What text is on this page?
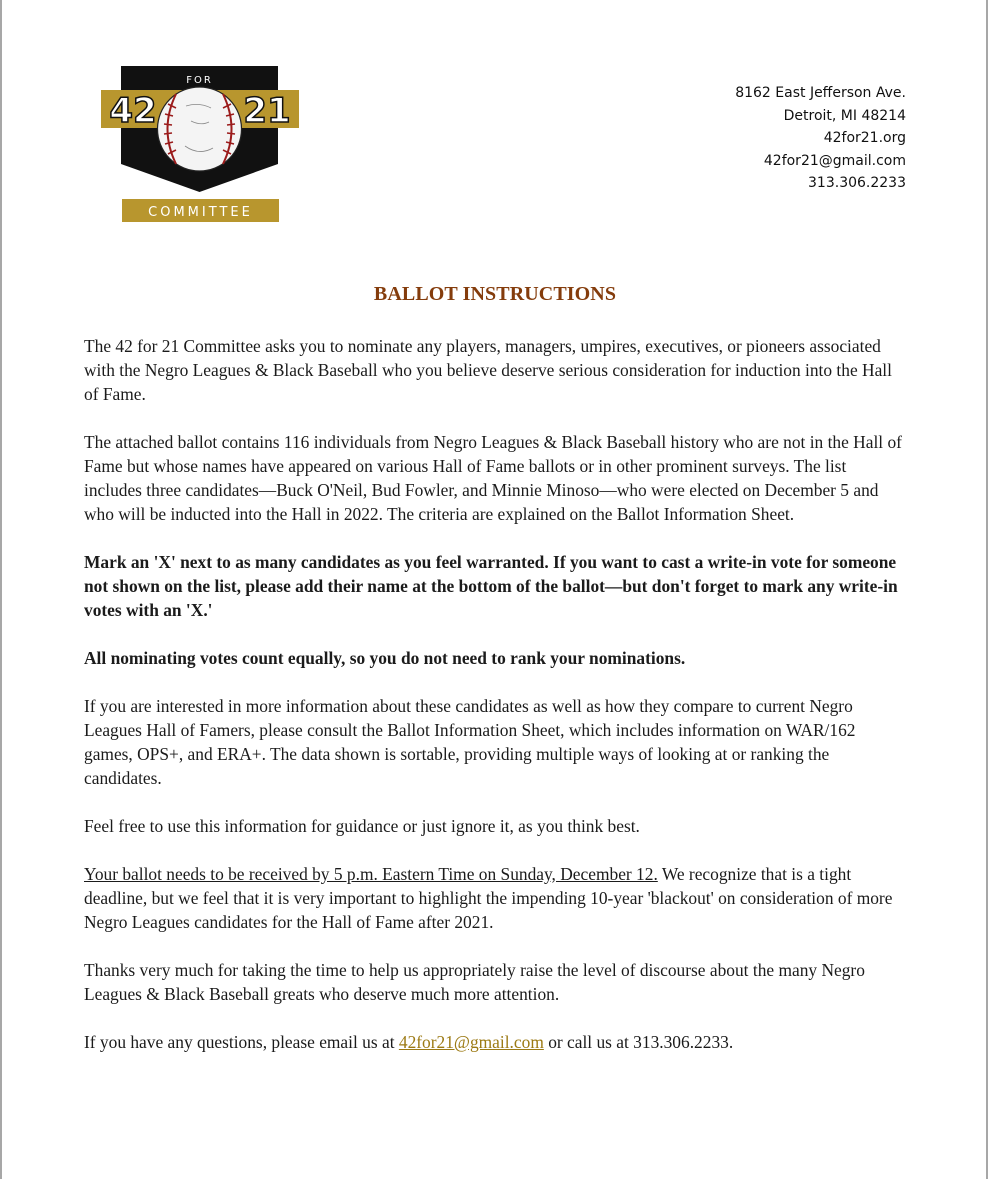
42	21
FOR
COMMITTEE
8162 East Jefferson Ave.
Detroit, MI 48214
42for21.org
42for21@gmail.com
313.306.2233
BALLOT INSTRUCTIONS

The 42 for 21 Committee asks you to nominate any players, managers, umpires, executives, or pioneers associated with the Negro Leagues & Black Baseball who you believe deserve serious consideration for induction into the Hall of Fame.

The attached ballot contains 116 individuals from Negro Leagues & Black Baseball history who are not in the Hall of Fame but whose names have appeared on various Hall of Fame ballots or in other prominent surveys. The list includes three candidates—Buck O'Neil, Bud Fowler, and Minnie Minoso—who were elected on December 5 and who will be inducted into the Hall in 2022. The criteria are explained on the Ballot Information Sheet.

Mark an 'X' next to as many candidates as you feel warranted. If you want to cast a write-in vote for someone not shown on the list, please add their name at the bottom of the ballot—but don't forget to mark any write-in votes with an 'X.'

All nominating votes count equally, so you do not need to rank your nominations.

If you are interested in more information about these candidates as well as how they compare to current Negro Leagues Hall of Famers, please consult the Ballot Information Sheet, which includes information on WAR/162 games, OPS+, and ERA+. The data shown is sortable, providing multiple ways of looking at or ranking the candidates.

Feel free to use this information for guidance or just ignore it, as you think best.

Your ballot needs to be received by 5 p.m. Eastern Time on Sunday, December 12. We recognize that is a tight deadline, but we feel that it is very important to highlight the impending 10-year 'blackout' on consideration of more Negro Leagues candidates for the Hall of Fame after 2021.

Thanks very much for taking the time to help us appropriately raise the level of discourse about the many Negro Leagues & Black Baseball greats who deserve much more attention.

If you have any questions, please email us at 42for21@gmail.com or call us at 313.306.2233.
